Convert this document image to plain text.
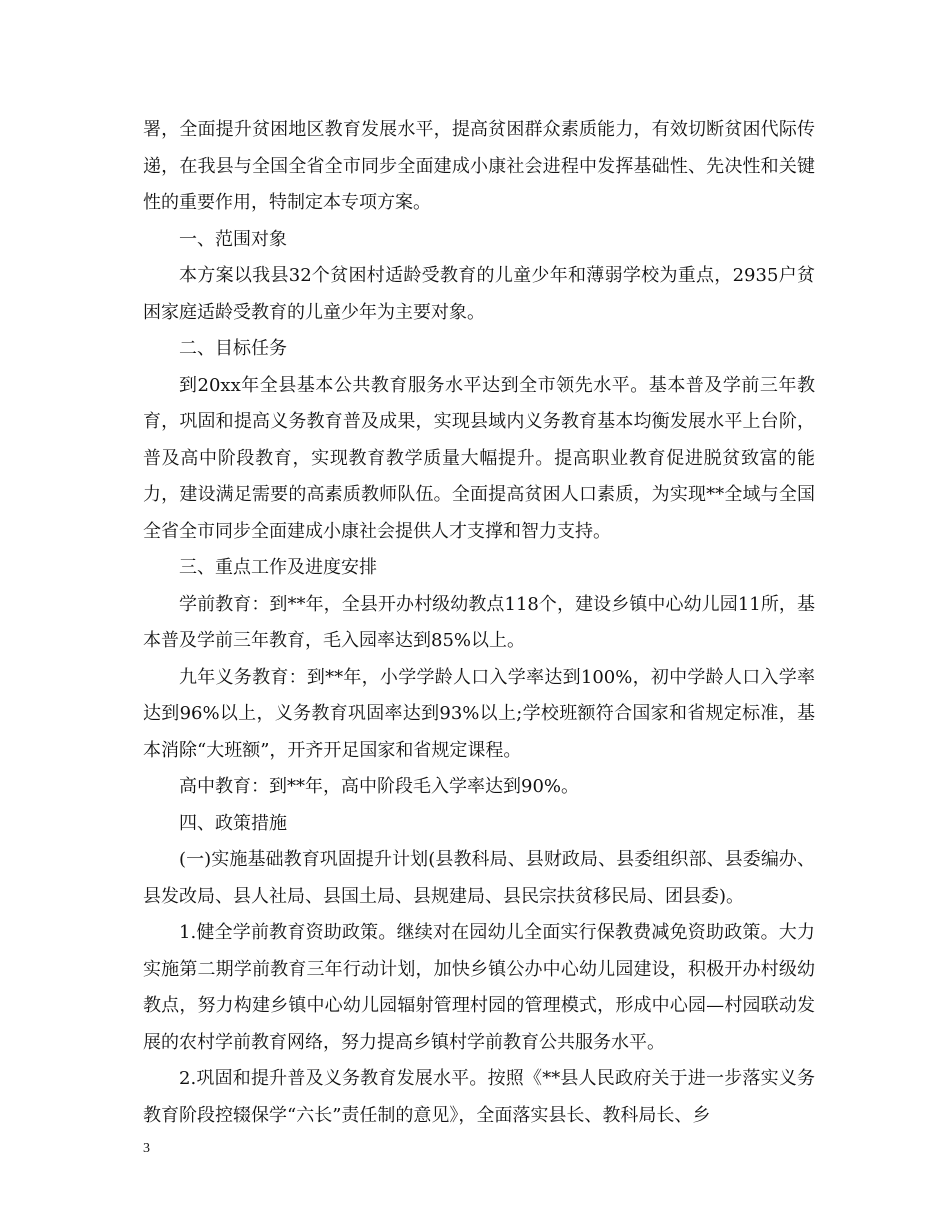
署，全面提升贫困地区教育发展水平，提高贫困群众素质能力，有效切断贫困代际传递，在我县与全国全省全市同步全面建成小康社会进程中发挥基础性、先决性和关键性的重要作用，特制定本专项方案。

一、范围对象

本方案以我县32个贫困村适龄受教育的儿童少年和薄弱学校为重点，2935户贫困家庭适龄受教育的儿童少年为主要对象。

二、目标任务

到20xx年全县基本公共教育服务水平达到全市领先水平。基本普及学前三年教育，巩固和提高义务教育普及成果，实现县域内义务教育基本均衡发展水平上台阶，普及高中阶段教育，实现教育教学质量大幅提升。提高职业教育促进脱贫致富的能力，建设满足需要的高素质教师队伍。全面提高贫困人口素质，为实现**全域与全国全省全市同步全面建成小康社会提供人才支撑和智力支持。

三、重点工作及进度安排

学前教育：到**年，全县开办村级幼教点118个，建设乡镇中心幼儿园11所，基本普及学前三年教育，毛入园率达到85%以上。

九年义务教育：到**年，小学学龄人口入学率达到100%，初中学龄人口入学率达到96%以上，义务教育巩固率达到93%以上;学校班额符合国家和省规定标准，基本消除“大班额”，开齐开足国家和省规定课程。

高中教育：到**年，高中阶段毛入学率达到90%。

四、政策措施

(一)实施基础教育巩固提升计划(县教科局、县财政局、县委组织部、县委编办、县发改局、县人社局、县国土局、县规建局、县民宗扶贫移民局、团县委)。

1.健全学前教育资助政策。继续对在园幼儿全面实行保教费减免资助政策。大力实施第二期学前教育三年行动计划，加快乡镇公办中心幼儿园建设，积极开办村级幼教点，努力构建乡镇中心幼儿园辐射管理村园的管理模式，形成中心园—村园联动发展的农村学前教育网络，努力提高乡镇村学前教育公共服务水平。

2.巩固和提升普及义务教育发展水平。按照《**县人民政府关于进一步落实义务教育阶段控辍保学“六长”责任制的意见》，全面落实县长、教科局长、乡

3
